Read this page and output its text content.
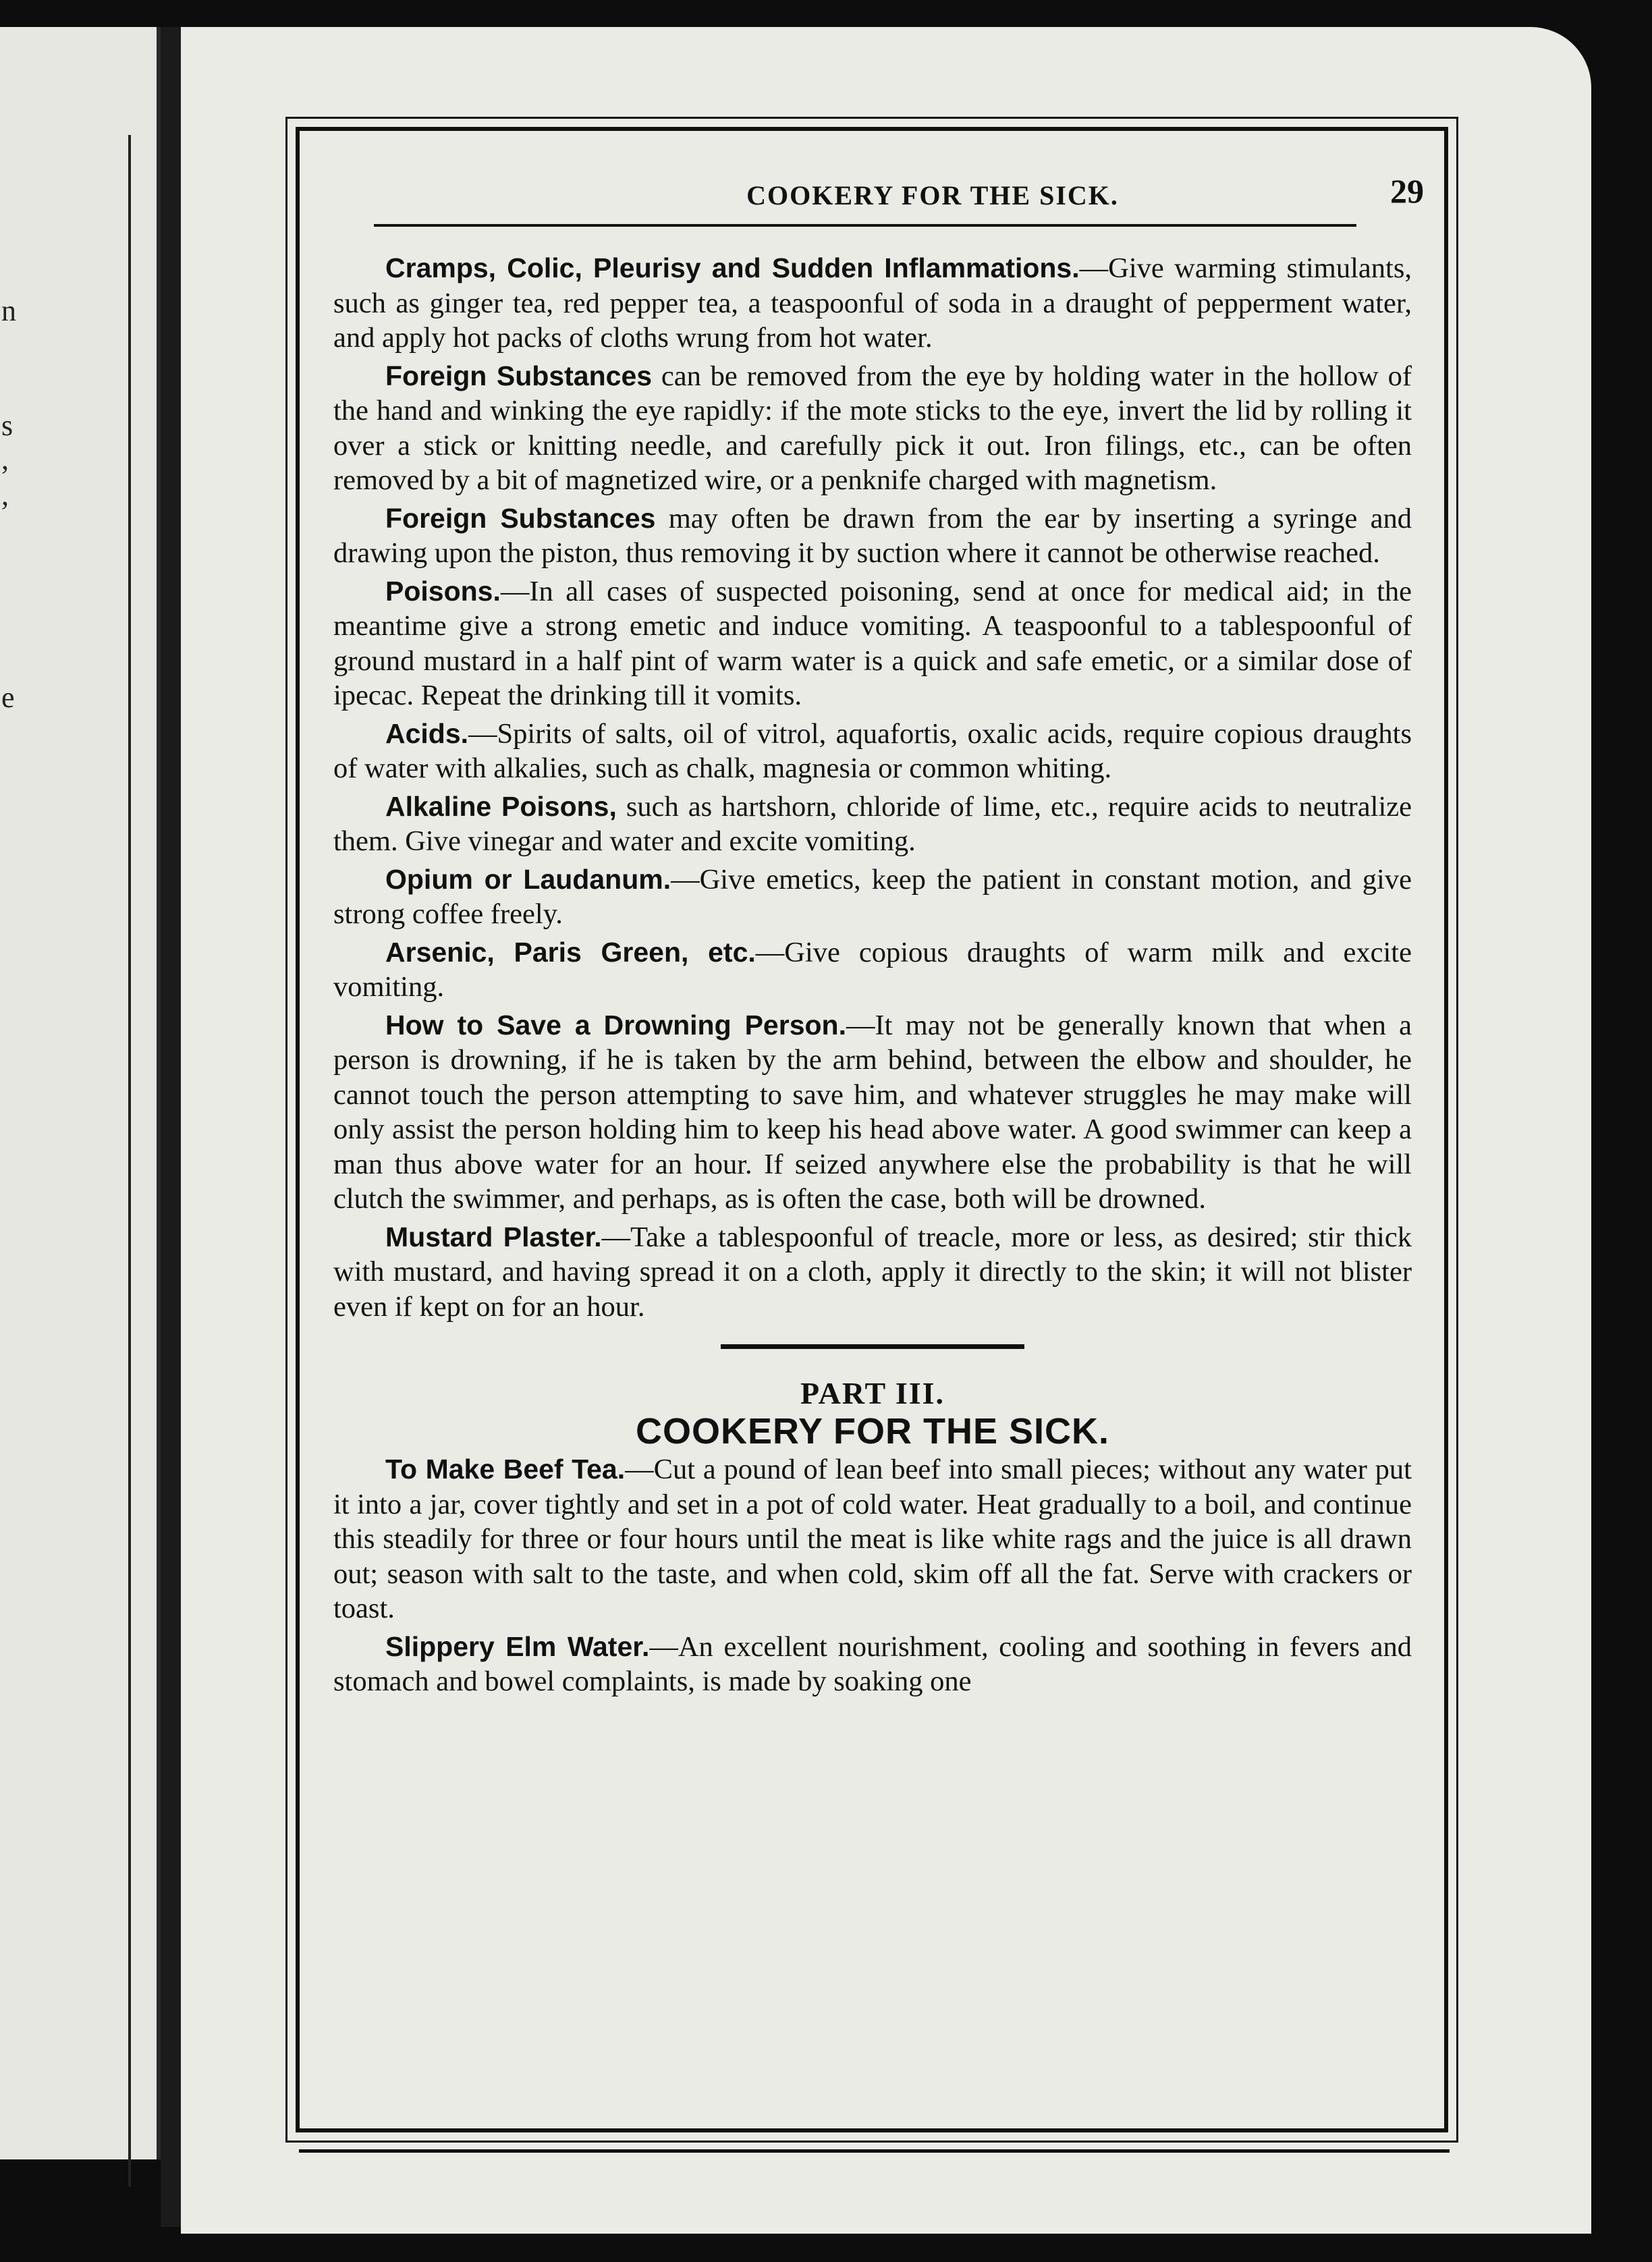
n
s
,
,
e
COOKERY FOR THE SICK.	29

Cramps, Colic, Pleurisy and Sudden Inflammations.—Give warming stimulants, such as ginger tea, red pepper tea, a teaspoonful of soda in a draught of pepperment water, and apply hot packs of cloths wrung from hot water.

Foreign Substances can be removed from the eye by holding water in the hollow of the hand and winking the eye rapidly: if the mote sticks to the eye, invert the lid by rolling it over a stick or knitting needle, and carefully pick it out. Iron filings, etc., can be often removed by a bit of magnetized wire, or a penknife charged with magnetism.

Foreign Substances may often be drawn from the ear by inserting a syringe and drawing upon the piston, thus removing it by suction where it cannot be otherwise reached.

Poisons.—In all cases of suspected poisoning, send at once for medical aid; in the meantime give a strong emetic and induce vomiting. A teaspoonful to a tablespoonful of ground mustard in a half pint of warm water is a quick and safe emetic, or a similar dose of ipecac. Repeat the drinking till it vomits.

Acids.—Spirits of salts, oil of vitrol, aquafortis, oxalic acids, require copious draughts of water with alkalies, such as chalk, magnesia or common whiting.

Alkaline Poisons, such as hartshorn, chloride of lime, etc., require acids to neutralize them. Give vinegar and water and excite vomiting.

Opium or Laudanum.—Give emetics, keep the patient in constant motion, and give strong coffee freely.

Arsenic, Paris Green, etc.—Give copious draughts of warm milk and excite vomiting.

How to Save a Drowning Person.—It may not be generally known that when a person is drowning, if he is taken by the arm behind, between the elbow and shoulder, he cannot touch the person attempting to save him, and whatever struggles he may make will only assist the person holding him to keep his head above water. A good swimmer can keep a man thus above water for an hour. If seized anywhere else the probability is that he will clutch the swimmer, and perhaps, as is often the case, both will be drowned.

Mustard Plaster.—Take a tablespoonful of treacle, more or less, as desired; stir thick with mustard, and having spread it on a cloth, apply it directly to the skin; it will not blister even if kept on for an hour.

PART III.

COOKERY FOR THE SICK.

To Make Beef Tea.—Cut a pound of lean beef into small pieces; without any water put it into a jar, cover tightly and set in a pot of cold water. Heat gradually to a boil, and continue this steadily for three or four hours until the meat is like white rags and the juice is all drawn out; season with salt to the taste, and when cold, skim off all the fat. Serve with crackers or toast.

Slippery Elm Water.—An excellent nourishment, cooling and soothing in fevers and stomach and bowel complaints, is made by soaking one
